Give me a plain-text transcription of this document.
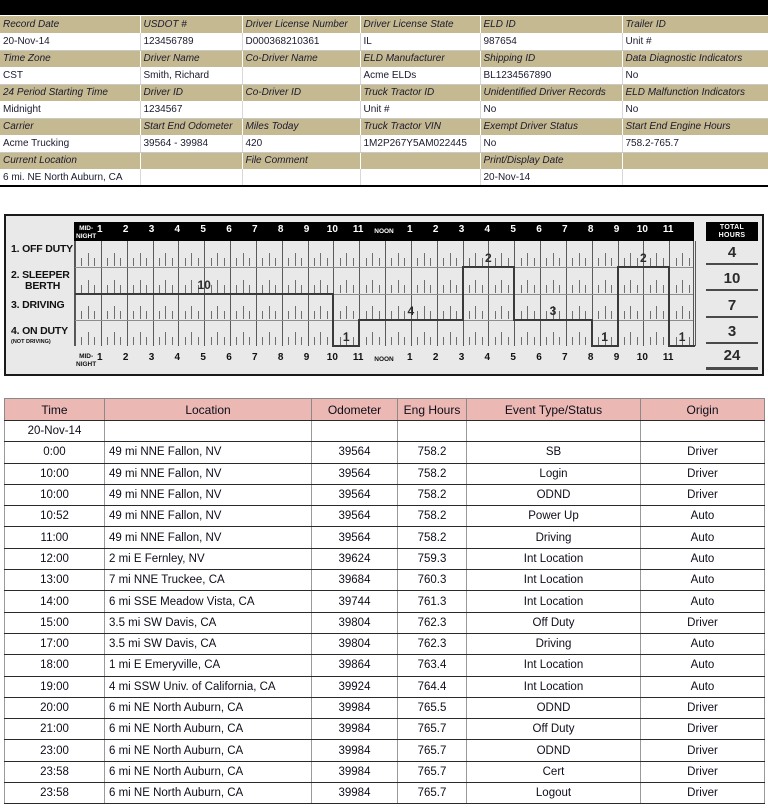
Record Date	USDOT #	Driver License Number	Driver License State	ELD ID	Trailer ID
20-Nov-14	123456789	D000368210361	IL	987654	Unit #
Time Zone	Driver Name	Co-Driver Name	ELD Manufacturer	Shipping ID	Data Diagnostic Indicators
CST	Smith, Richard		Acme ELDs	BL1234567890	No
24 Period Starting Time	Driver ID	Co-Driver ID	Truck Tractor ID	Unidentified Driver Records	ELD Malfunction Indicators
Midnight	1234567		Unit #	No	No
Carrier	Start End Odometer	Miles Today	Truck Tractor VIN	Exempt Driver Status	Start End Engine Hours
Acme Trucking	39564 - 39984	420	1M2P267Y5AM022445	No	758.2-765.7
Current Location		File Comment		Print/Display Date	
6 mi. NE North Auburn, CA				20-Nov-14	
MID-
NIGHT
1 2 3 4 5 6 7 8 9 10 11	1 2 3 4 5 6 7 8 9 10 11
NOON
TOTAL
HOURS
10
1
4
2
3
1
2
1
MID-
NIGHT
1 2 3 4 5 6 7 8 9 10 11	1 2 3 4 5 6 7 8 9 10 11
NOON
1. OFF DUTY
2. SLEEPER
BERTH
3. DRIVING
4. ON DUTY
(NOT DRIVING)
4
10
7
3
24
Time	Location	Odometer	Eng Hours	Event Type/Status	Origin
20-Nov-14					
0:00	49 mi NNE Fallon, NV	39564	758.2	SB	Driver
10:00	49 mi NNE Fallon, NV	39564	758.2	Login	Driver
10:00	49 mi NNE Fallon, NV	39564	758.2	ODND	Driver
10:52	49 mi NNE Fallon, NV	39564	758.2	Power Up	Auto
11:00	49 mi NNE Fallon, NV	39564	758.2	Driving	Auto
12:00	2 mi E Fernley, NV	39624	759.3	Int Location	Auto
13:00	7 mi NNE Truckee, CA	39684	760.3	Int Location	Auto
14:00	6 mi SSE Meadow Vista, CA	39744	761.3	Int Location	Auto
15:00	3.5 mi SW Davis, CA	39804	762.3	Off Duty	Driver
17:00	3.5 mi SW Davis, CA	39804	762.3	Driving	Auto
18:00	1 mi E Emeryville, CA	39864	763.4	Int Location	Auto
19:00	4 mi SSW Univ. of California, CA	39924	764.4	Int Location	Auto
20:00	6 mi NE North Auburn, CA	39984	765.5	ODND	Driver
21:00	6 mi NE North Auburn, CA	39984	765.7	Off Duty	Driver
23:00	6 mi NE North Auburn, CA	39984	765.7	ODND	Driver
23:58	6 mi NE North Auburn, CA	39984	765.7	Cert	Driver
23:58	6 mi NE North Auburn, CA	39984	765.7	Logout	Driver
